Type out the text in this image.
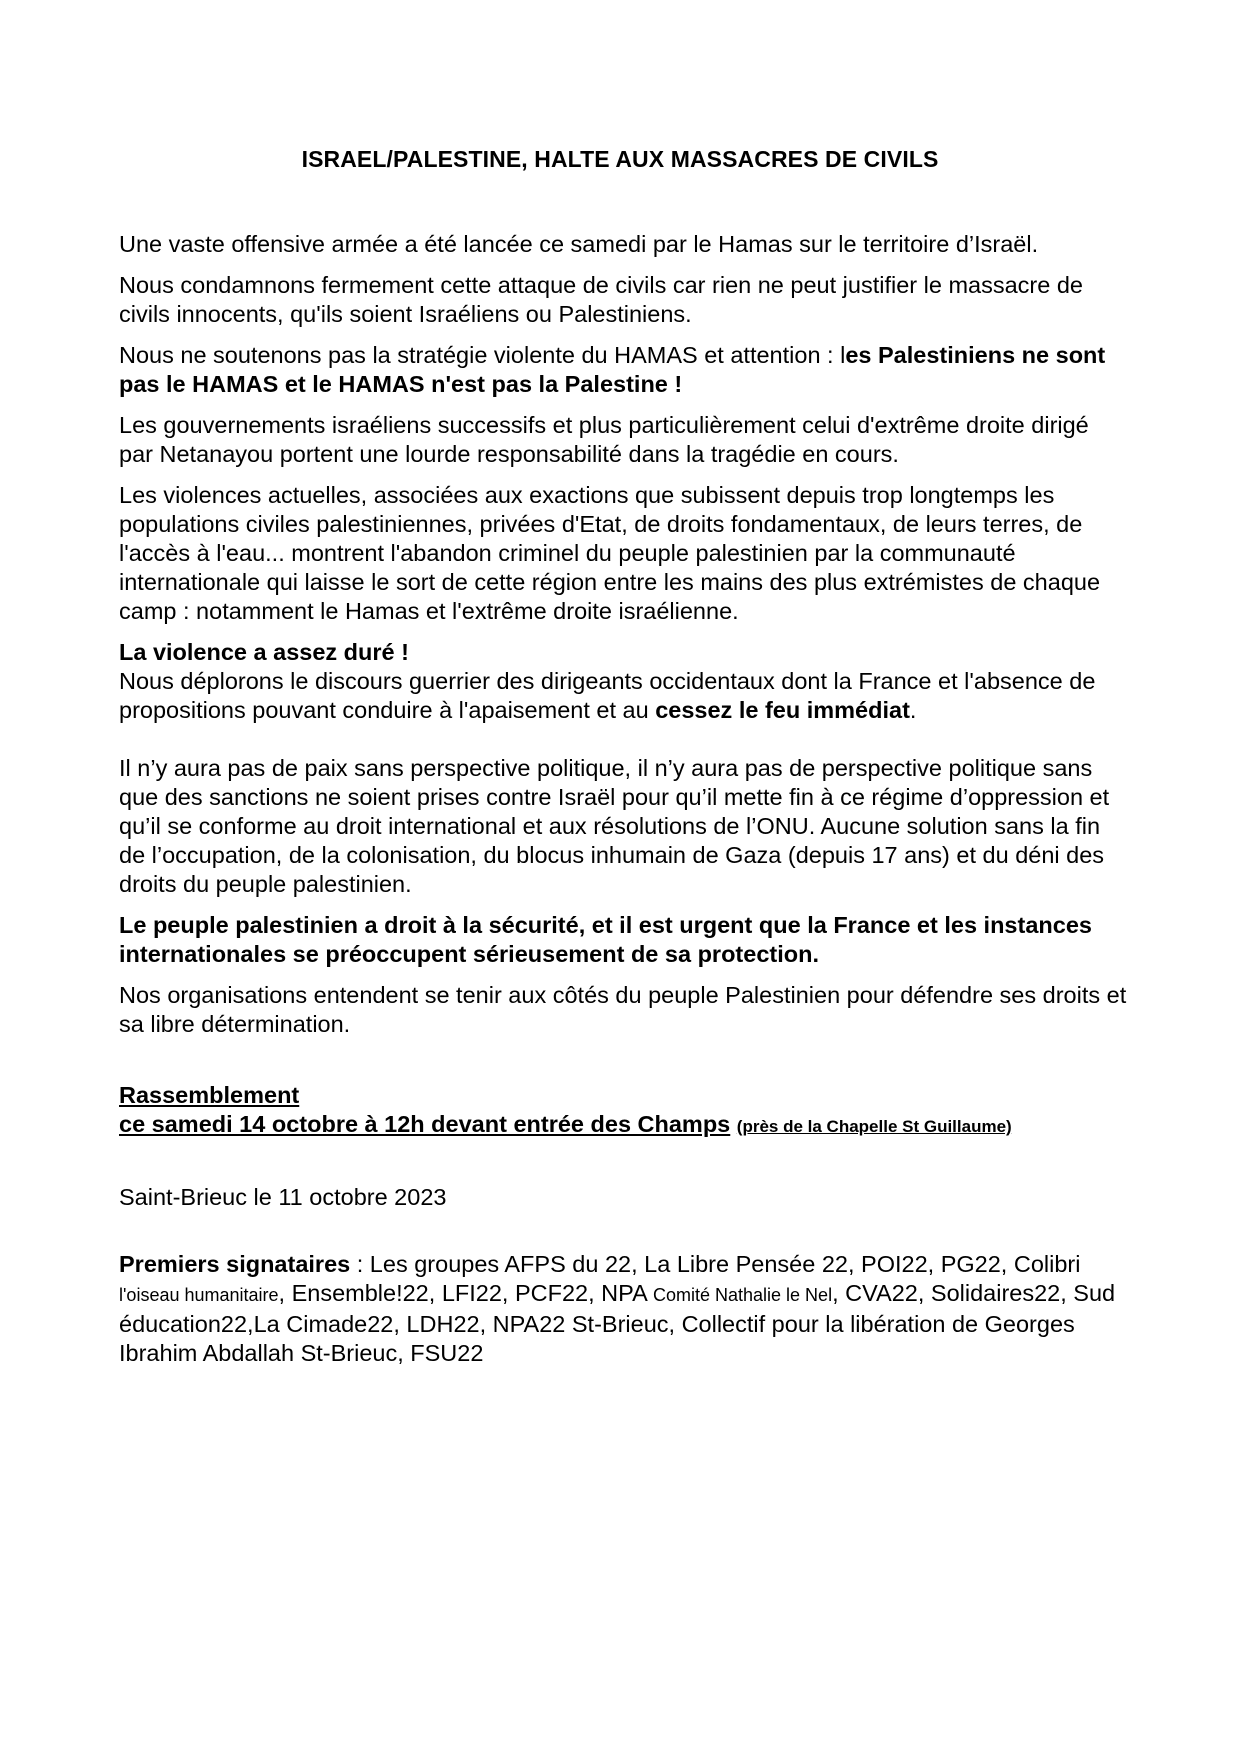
ISRAEL/PALESTINE, HALTE AUX MASSACRES DE CIVILS

Une vaste offensive armée a été lancée ce samedi par le Hamas sur le territoire d’Israël.

Nous condamnons fermement cette attaque de civils car rien ne peut justifier le massacre de civils innocents, qu'ils soient Israéliens ou Palestiniens.

Nous ne soutenons pas la stratégie violente du HAMAS et attention : les Palestiniens ne sont pas le HAMAS et le HAMAS n'est pas la Palestine !

Les gouvernements israéliens successifs et plus particulièrement celui d'extrême droite dirigé par Netanayou portent une lourde responsabilité dans la tragédie en cours.

Les violences actuelles, associées aux exactions que subissent depuis trop longtemps les populations civiles palestiniennes, privées d'Etat, de droits fondamentaux, de leurs terres, de l'accès à l'eau... montrent l'abandon criminel du peuple palestinien par la communauté internationale qui laisse le sort de cette région entre les mains des plus extrémistes de chaque camp : notamment le Hamas et l'extrême droite israélienne.

La violence a assez duré !
Nous déplorons le discours guerrier des dirigeants occidentaux dont la France et l'absence de propositions pouvant conduire à l'apaisement et au cessez le feu immédiat.

Il n’y aura pas de paix sans perspective politique, il n’y aura pas de perspective politique sans que des sanctions ne soient prises contre Israël pour qu’il mette fin à ce régime d’oppression et qu’il se conforme au droit international et aux résolutions de l’ONU. Aucune solution sans la fin de l’occupation, de la colonisation, du blocus inhumain de Gaza (depuis 17 ans) et du déni des droits du peuple palestinien.

Le peuple palestinien a droit à la sécurité, et il est urgent que la France et les instances internationales se préoccupent sérieusement de sa protection.

Nos organisations entendent se tenir aux côtés du peuple Palestinien pour défendre ses droits et sa libre détermination.

Rassemblement
ce samedi 14 octobre à 12h devant entrée des Champs (près de la Chapelle St Guillaume)

Saint-Brieuc le 11 octobre 2023

Premiers signataires : Les groupes AFPS du 22, La Libre Pensée 22, POI22, PG22, Colibri l'oiseau humanitaire, Ensemble!22, LFI22, PCF22, NPA Comité Nathalie le Nel, CVA22, Solidaires22, Sud éducation22,La Cimade22, LDH22, NPA22 St-Brieuc, Collectif pour la libération de Georges Ibrahim Abdallah St-Brieuc, FSU22
